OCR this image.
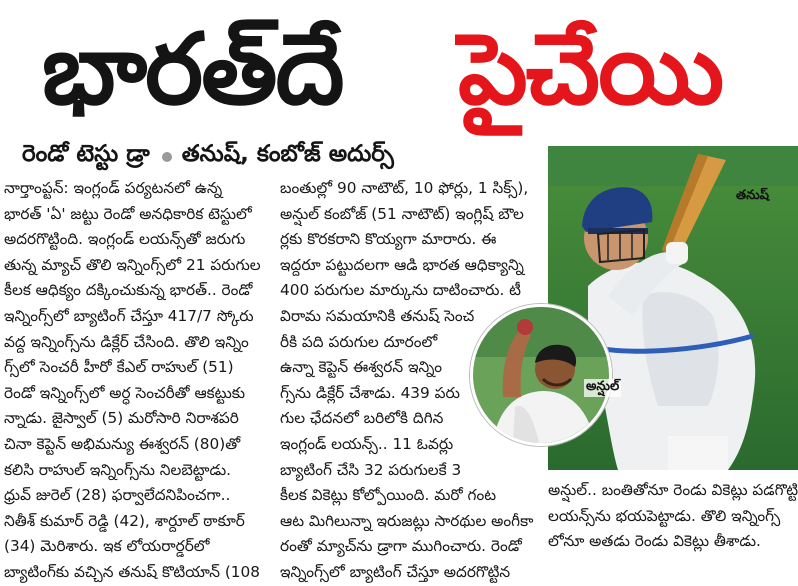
భారత్‌దే పైచేయి
రెండో టెస్టు డ్రా తనుష్, కంబోజ్ అదుర్స్
నార్తాంప్టన్: ఇంగ్లండ్ పర్యటనలో ఉన్న
భారత్ 'ఏ' జట్టు రెండో అనధికారిక టెస్టులో
అదరగొట్టింది. ఇంగ్లండ్ లయన్స్‌తో జరుగు
తున్న మ్యాచ్ తొలి ఇన్నింగ్స్‌లో 21 పరుగుల
కీలక ఆధిక్యం దక్కించుకున్న భారత్.. రెండో
ఇన్నింగ్స్‌లో బ్యాటింగ్ చేస్తూ 417/7 స్కోరు
వద్ద ఇన్నింగ్స్‌ను డిక్లేర్ చేసింది. తొలి ఇన్నిం
గ్స్‌లో సెంచరీ హీరో కేఎల్ రాహుల్ (51)
రెండో ఇన్నింగ్స్‌లో అర్ధ సెంచరీతో ఆకట్టుకు
న్నాడు. జైస్వాల్ (5) మరోసారి నిరాశపరి
చినా కెప్టెన్ అభిమన్యు ఈశ్వరన్ (80)తో
కలిసి రాహుల్ ఇన్నింగ్స్‌ను నిలబెట్టాడు.
ధ్రువ్ జురెల్ (28) ఫర్వాలేదనిపించగా..
నితీశ్ కుమార్ రెడ్డి (42), శార్దూల్ ఠాకూర్
(34) మెరిశారు. ఇక లోయరార్డర్‌లో
బ్యాటింగ్‌కు వచ్చిన తనుష్ కొటియాన్ (108
బంతుల్లో 90 నాటౌట్, 10 ఫోర్లు, 1 సిక్స్),
అన్షుల్ కంబోజ్ (51 నాటౌట్) ఇంగ్లిష్ బౌల
ర్లకు కొరకరాని కొయ్యగా మారారు. ఈ
ఇద్దరూ పట్టుదలగా ఆడి భారత ఆధిక్యాన్ని
400 పరుగుల మార్కును దాటించారు. టీ
విరామ సమయానికి తనుష్ సెంచ
రీకి పది పరుగుల దూరంలో
ఉన్నా కెప్టెన్ ఈశ్వరన్ ఇన్నిం
గ్స్‌ను డిక్లేర్ చేశాడు. 439 పరు
గుల ఛేదనలో బరిలోకి దిగిన
ఇంగ్లండ్ లయన్స్.. 11 ఓవర్లు
బ్యాటింగ్ చేసి 32 పరుగులకే 3
కీలక వికెట్లు కోల్పోయింది. మరో గంట
ఆట మిగిలున్నా ఇరుజట్లు సారథుల అంగీకా
రంతో మ్యాచ్‌ను డ్రాగా ముగించారు. రెండో
ఇన్నింగ్స్‌లో బ్యాటింగ్ చేస్తూ అదరగొట్టిన
తనుష్
అన్షుల్
అన్షుల్.. బంతితోనూ రెండు వికెట్లు పడగొట్టి
లయన్స్‌ను భయపెట్టాడు. తొలి ఇన్నింగ్స్‌
లోనూ అతడు రెండు వికెట్లు తీశాడు.
